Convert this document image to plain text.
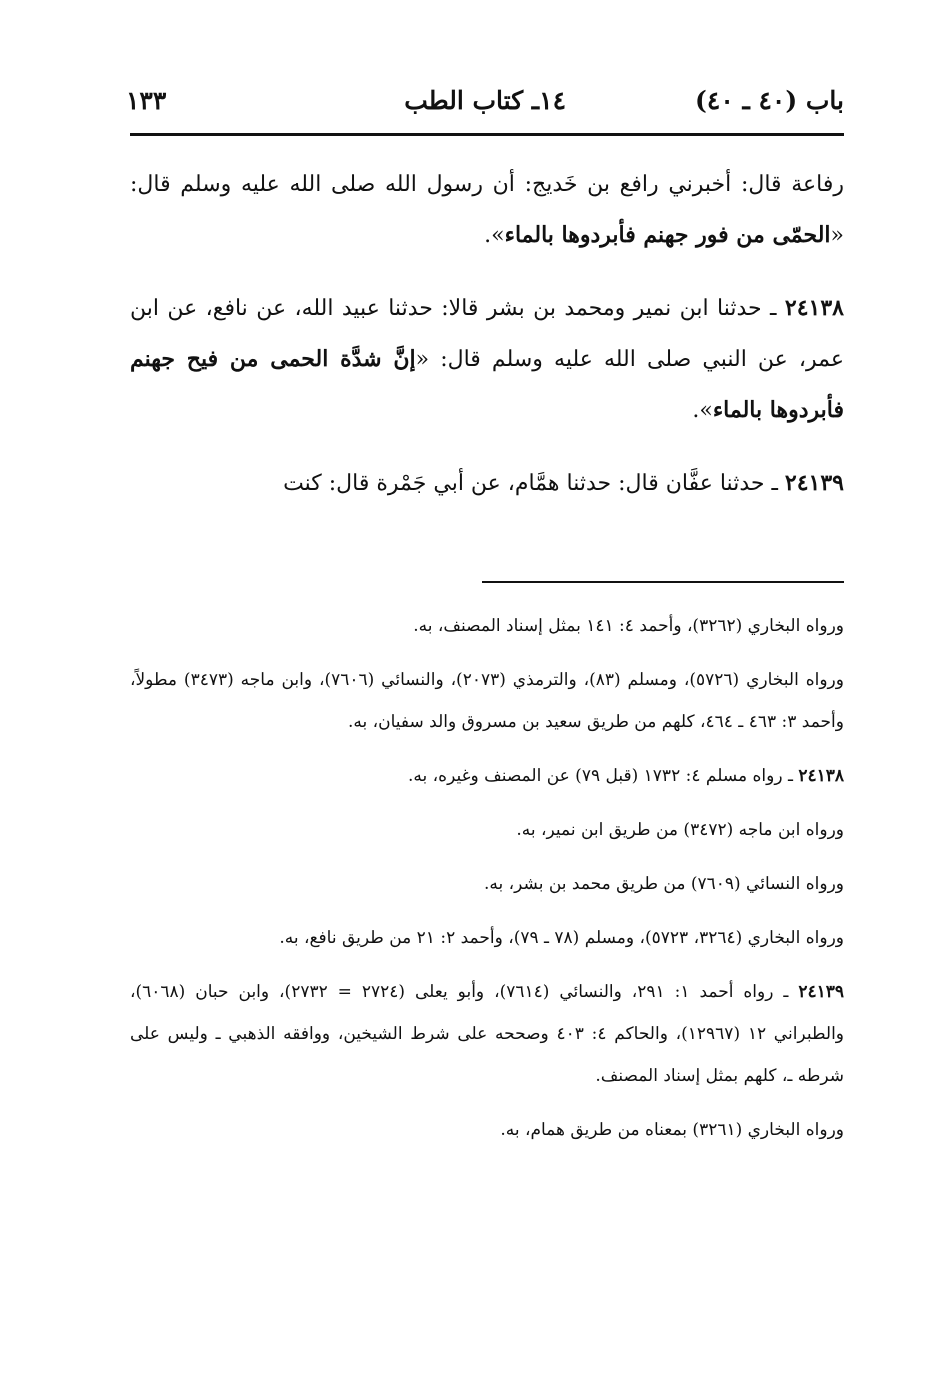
باب (٤٠ ـ ٤٠)
١٤ـ كتاب الطب
١٣٣

رفاعة قال: أخبرني رافع بن خَديج: أن رسول الله صلى الله عليه وسلم قال: «الحمّى من فور جهنم فأبردوها بالماء».

٢٤١٣٨ ـ حدثنا ابن نمير ومحمد بن بشر قالا: حدثنا عبيد الله، عن نافع، عن ابن عمر، عن النبي صلى الله عليه وسلم قال: «إنَّ شدَّة الحمى من فيح جهنم فأبردوها بالماء».

٢٤١٣٩ ـ حدثنا عفَّان قال: حدثنا همَّام، عن أبي جَمْرة قال: كنت

ورواه البخاري (٣٢٦٢)، وأحمد ٤: ١٤١ بمثل إسناد المصنف، به.

ورواه البخاري (٥٧٢٦)، ومسلم (٨٣)، والترمذي (٢٠٧٣)، والنسائي (٧٦٠٦)، وابن ماجه (٣٤٧٣) مطولاً، وأحمد ٣: ٤٦٣ ـ ٤٦٤، كلهم من طريق سعيد بن مسروق والد سفيان، به.

٢٤١٣٨ ـ رواه مسلم ٤: ١٧٣٢ (قبل ٧٩) عن المصنف وغيره، به.

ورواه ابن ماجه (٣٤٧٢) من طريق ابن نمير، به.

ورواه النسائي (٧٦٠٩) من طريق محمد بن بشر، به.

ورواه البخاري (٣٢٦٤، ٥٧٢٣)، ومسلم (٧٨ ـ ٧٩)، وأحمد ٢: ٢١ من طريق نافع، به.

٢٤١٣٩ ـ رواه أحمد ١: ٢٩١، والنسائي (٧٦١٤)، وأبو يعلى (٢٧٢٤ = ٢٧٣٢)، وابن حبان (٦٠٦٨)، والطبراني ١٢ (١٢٩٦٧)، والحاكم ٤: ٤٠٣ وصححه على شرط الشيخين، ووافقه الذهبي ـ وليس على شرطه ـ، كلهم بمثل إسناد المصنف.

ورواه البخاري (٣٢٦١) بمعناه من طريق همام، به.
